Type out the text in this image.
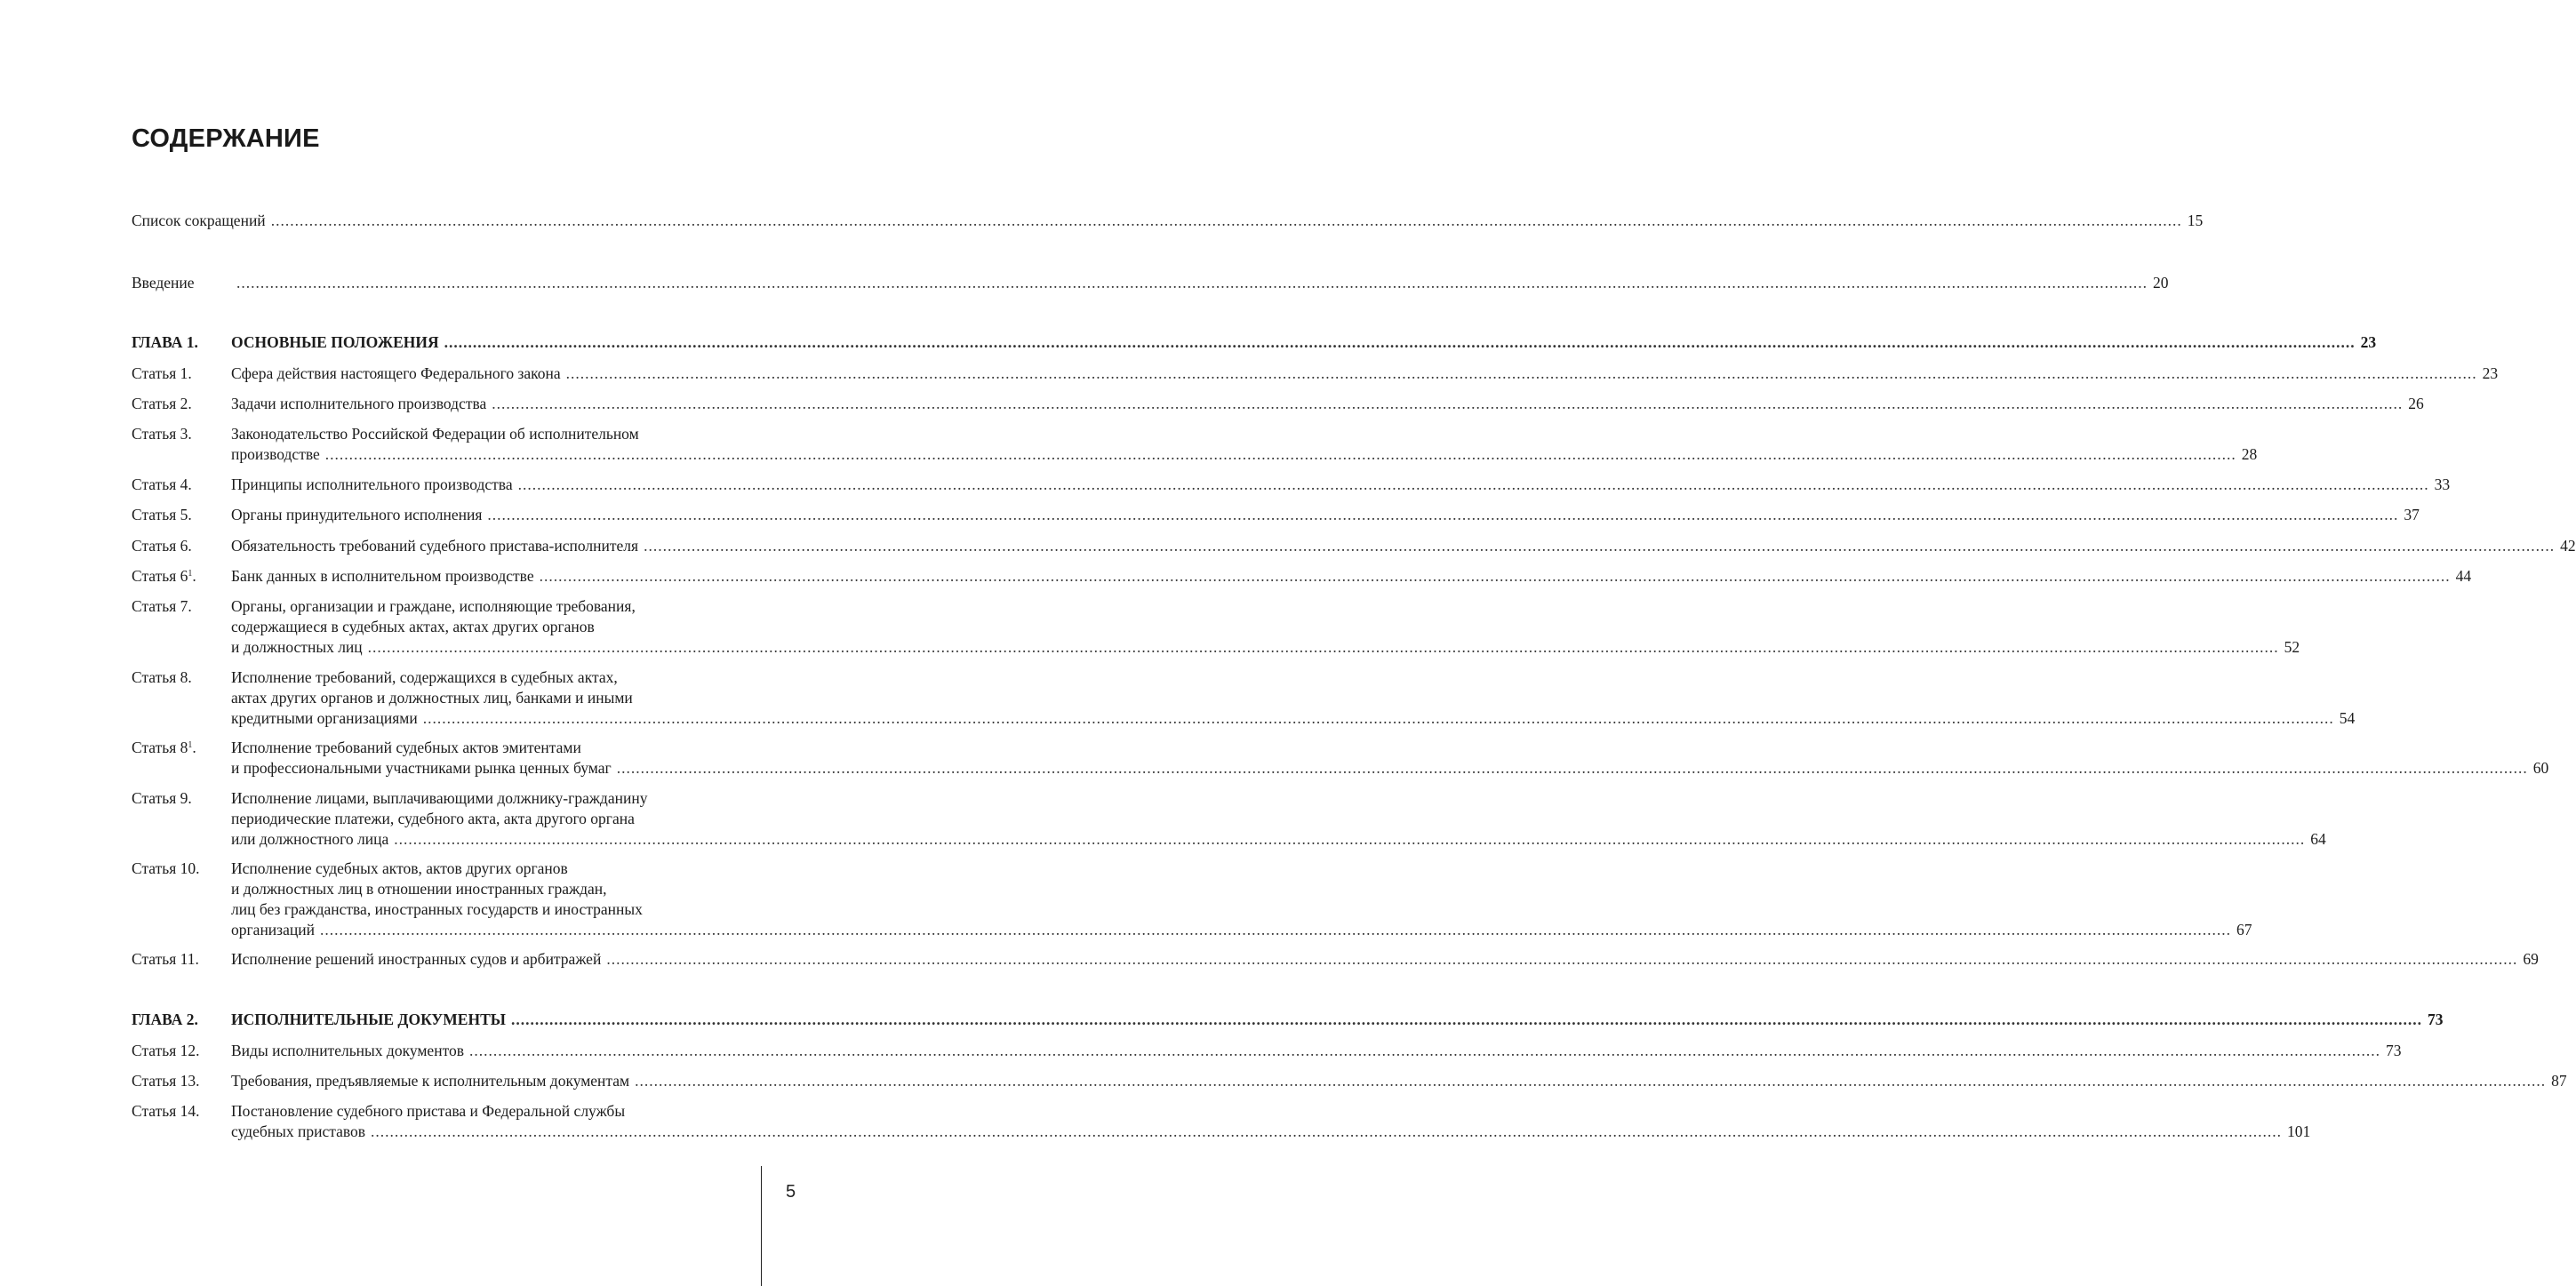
СОДЕРЖАНИЕ
Список сокращений ................................................................................................................................................................................................................................................................................................................................................................................................................ 15
Введение	................................................................................................................................................................................................................................................................................................................................................................................................................ 20
ГЛАВА 1. ОСНОВНЫЕ ПОЛОЖЕНИЯ ................................................................................................................................................................................................................................................................................................................................................................................................................ 23
Статья 1.	Сфера действия настоящего Федерального закона ................................................................................................................................................................................................................................................................................................................................................................................................................ 23
Статья 2.	Задачи исполнительного производства ................................................................................................................................................................................................................................................................................................................................................................................................................ 26
Статья 3.	Законодательство Российской Федерации об исполнительном
производстве ................................................................................................................................................................................................................................................................................................................................................................................................................ 28
Статья 4.	Принципы исполнительного производства ................................................................................................................................................................................................................................................................................................................................................................................................................ 33
Статья 5.	Органы принудительного исполнения ................................................................................................................................................................................................................................................................................................................................................................................................................ 37
Статья 6.	Обязательность требований судебного пристава-исполнителя ................................................................................................................................................................................................................................................................................................................................................................................................................ 42
Статья $6^1$. Банк данных в исполнительном производстве ................................................................................................................................................................................................................................................................................................................................................................................................................ 44
Статья 7.	Органы, организации и граждане, исполняющие требования,
содержащиеся в судебных актах, актах других органов
и должностных лиц ................................................................................................................................................................................................................................................................................................................................................................................................................ 52
Статья 8.	Исполнение требований, содержащихся в судебных актах,
актах других органов и должностных лиц, банками и иными
кредитными организациями ................................................................................................................................................................................................................................................................................................................................................................................................................ 54
Статья $8^1$. Исполнение требований судебных актов эмитентами
и профессиональными участниками рынка ценных бумаг ................................................................................................................................................................................................................................................................................................................................................................................................................ 60
Статья 9.	Исполнение лицами, выплачивающими должнику-гражданину
периодические платежи, судебного акта, акта другого органа
или должностного лица ................................................................................................................................................................................................................................................................................................................................................................................................................ 64
Статья 10. Исполнение судебных актов, актов других органов
и должностных лиц в отношении иностранных граждан,
лиц без гражданства, иностранных государств и иностранных
организаций ................................................................................................................................................................................................................................................................................................................................................................................................................ 67
Статья 11. Исполнение решений иностранных судов и арбитражей ................................................................................................................................................................................................................................................................................................................................................................................................................ 69
ГЛАВА 2. ИСПОЛНИТЕЛЬНЫЕ ДОКУМЕНТЫ ................................................................................................................................................................................................................................................................................................................................................................................................................ 73
Статья 12. Виды исполнительных документов ................................................................................................................................................................................................................................................................................................................................................................................................................ 73
Статья 13. Требования, предъявляемые к исполнительным документам ................................................................................................................................................................................................................................................................................................................................................................................................................ 87
Статья 14. Постановление судебного пристава и Федеральной службы
судебных приставов ................................................................................................................................................................................................................................................................................................................................................................................................................ 101
5
